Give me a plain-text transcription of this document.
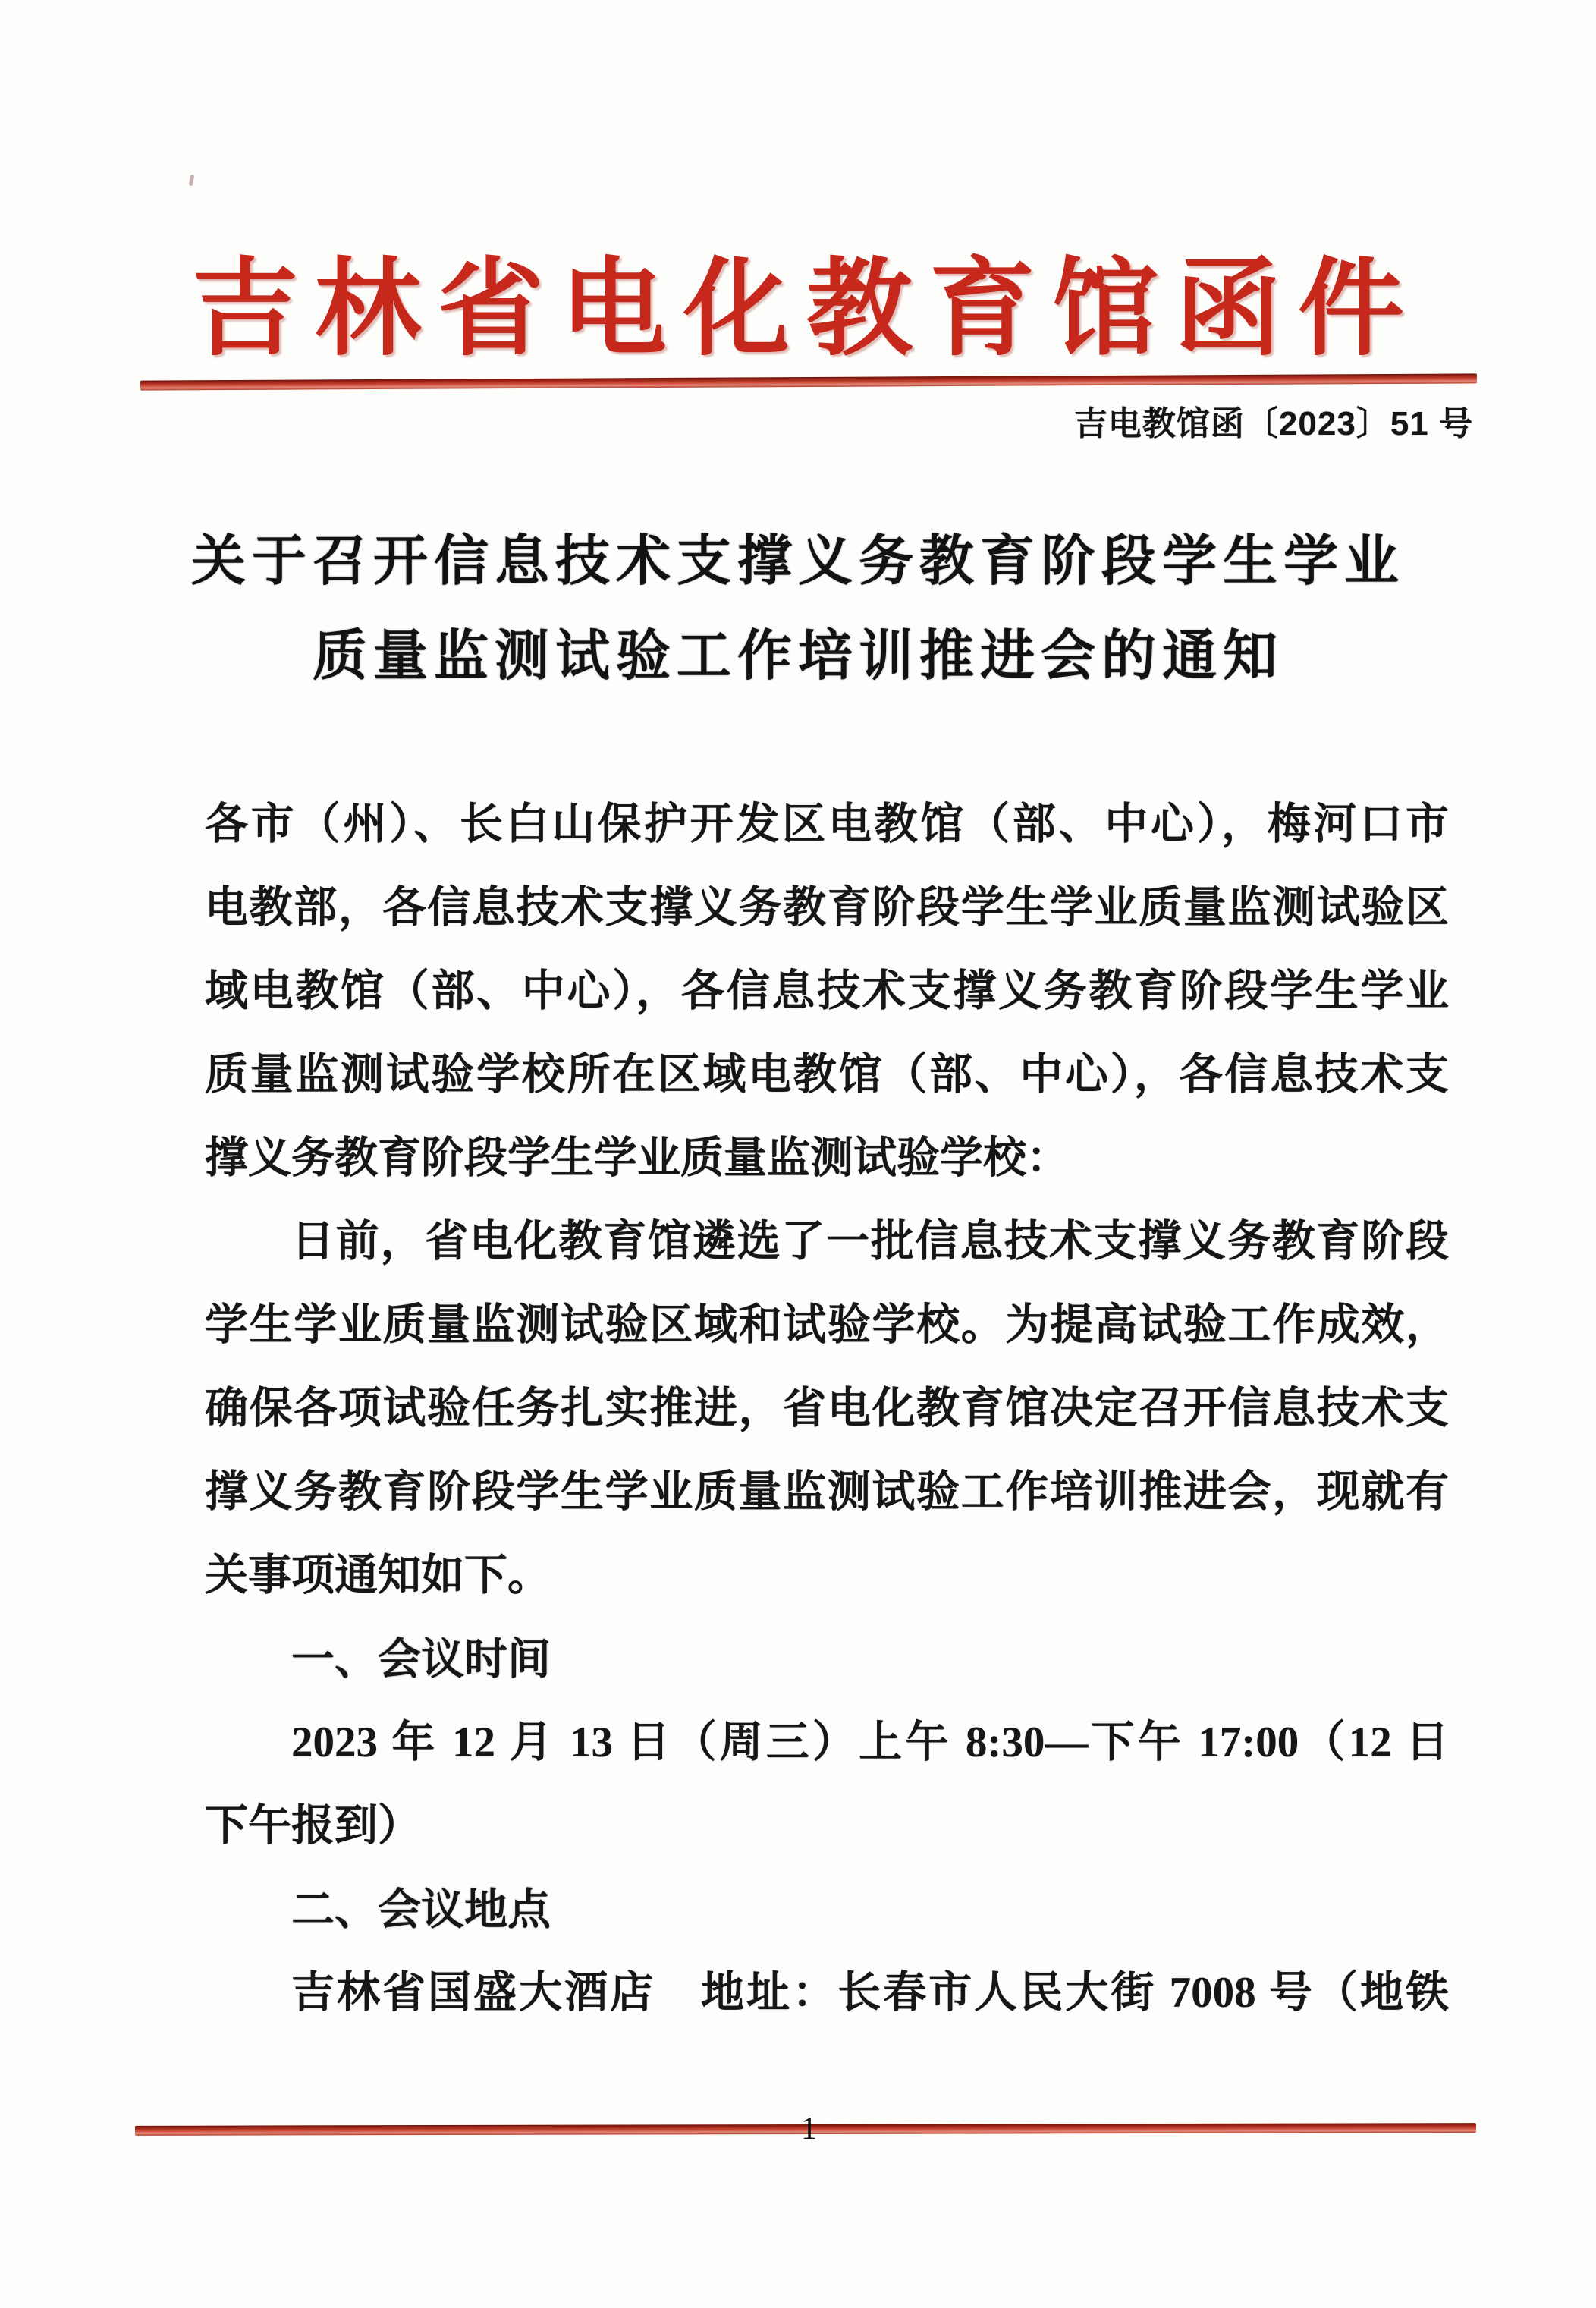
吉林省电化教育馆函件
吉电教馆函〔2023〕51 号
关于召开信息技术支撑义务教育阶段学生学业
质量监测试验工作培训推进会的通知
各市（州）、长白山保护开发区电教馆（部、中心），梅河口市
电教部，各信息技术支撑义务教育阶段学生学业质量监测试验区
域电教馆（部、中心），各信息技术支撑义务教育阶段学生学业
质量监测试验学校所在区域电教馆（部、中心），各信息技术支
撑义务教育阶段学生学业质量监测试验学校：
日前，省电化教育馆遴选了一批信息技术支撑义务教育阶段
学生学业质量监测试验区域和试验学校。为提高试验工作成效，
确保各项试验任务扎实推进，省电化教育馆决定召开信息技术支
撑义务教育阶段学生学业质量监测试验工作培训推进会，现就有
关事项通知如下。
一、会议时间
2023 年 12 月 13 日（周三）上午 8:30—下午 17:00（12 日
下午报到）
二、会议地点
吉林省国盛大酒店　地址：长春市人民大街 7008 号（地铁
1
